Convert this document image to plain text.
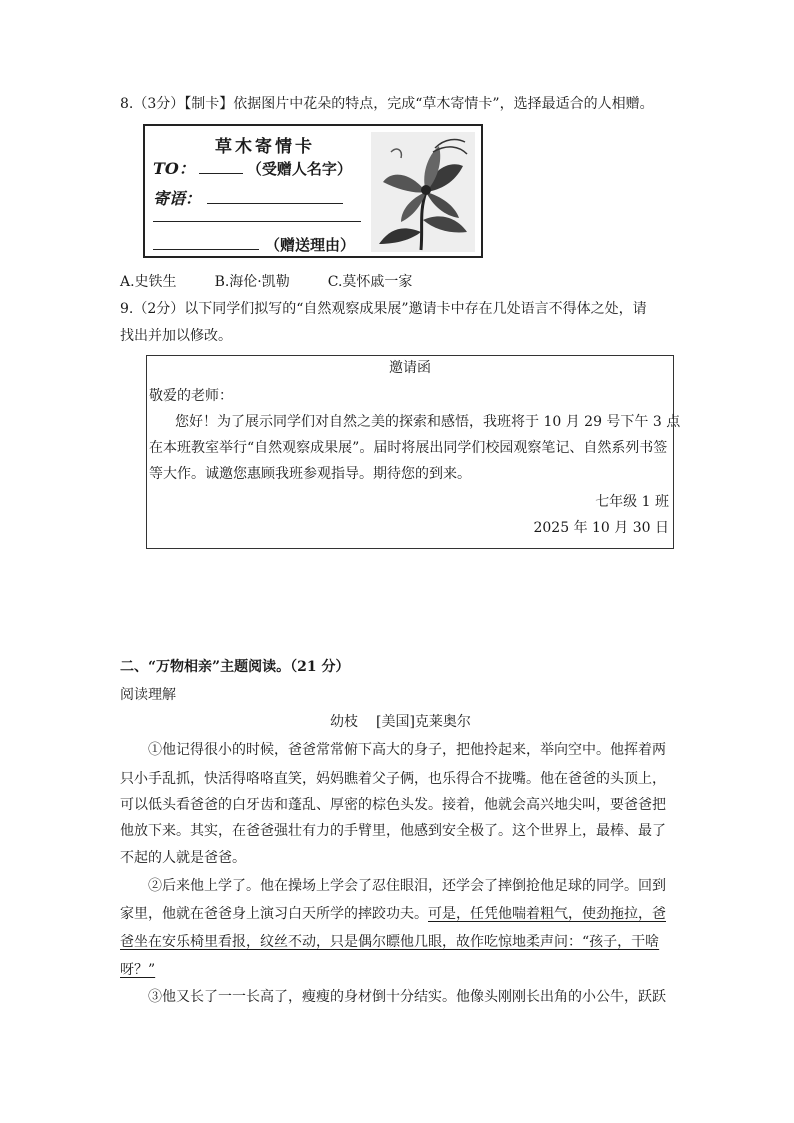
8.（3分）【制卡】依据图片中花朵的特点，完成“草木寄情卡”，选择最适合的人相赠。
草木寄情卡
TO：	（受赠人名字）
寄语：
（赠送理由）
A.史铁生	B.海伦·凯勒	C.莫怀戚一家
9.（2分）以下同学们拟写的“自然观察成果展”邀请卡中存在几处语言不得体之处，请
找出并加以修改。
邀请函
敬爱的老师：
您好！为了展示同学们对自然之美的探索和感悟，我班将于 10 月 29 号下午 3 点
在本班教室举行“自然观察成果展”。届时将展出同学们校园观察笔记、自然系列书签
等大作。诚邀您惠顾我班参观指导。期待您的到来。
七年级 1 班
2025 年 10 月 30 日
二、“万物相亲”主题阅读。（21 分）
阅读理解
幼枝 [美国]克莱奥尔
①他记得很小的时候，爸爸常常俯下高大的身子，把他拎起来，举向空中。他挥着两
只小手乱抓，快活得咯咯直笑，妈妈瞧着父子俩，也乐得合不拢嘴。他在爸爸的头顶上，
可以低头看爸爸的白牙齿和蓬乱、厚密的棕色头发。接着，他就会高兴地尖叫，要爸爸把
他放下来。其实，在爸爸强壮有力的手臂里，他感到安全极了。这个世界上，最棒、最了
不起的人就是爸爸。
②后来他上学了。他在操场上学会了忍住眼泪，还学会了摔倒抢他足球的同学。回到
家里，他就在爸爸身上演习白天所学的摔跤功夫。可是，任凭他喘着粗气，使劲拖拉，爸
爸坐在安乐椅里看报，纹丝不动，只是偶尔瞟他几眼，故作吃惊地柔声问：“孩子，干啥
呀？”
③他又长了一一长高了，瘦瘦的身材倒十分结实。他像头刚刚长出角的小公牛，跃跃
